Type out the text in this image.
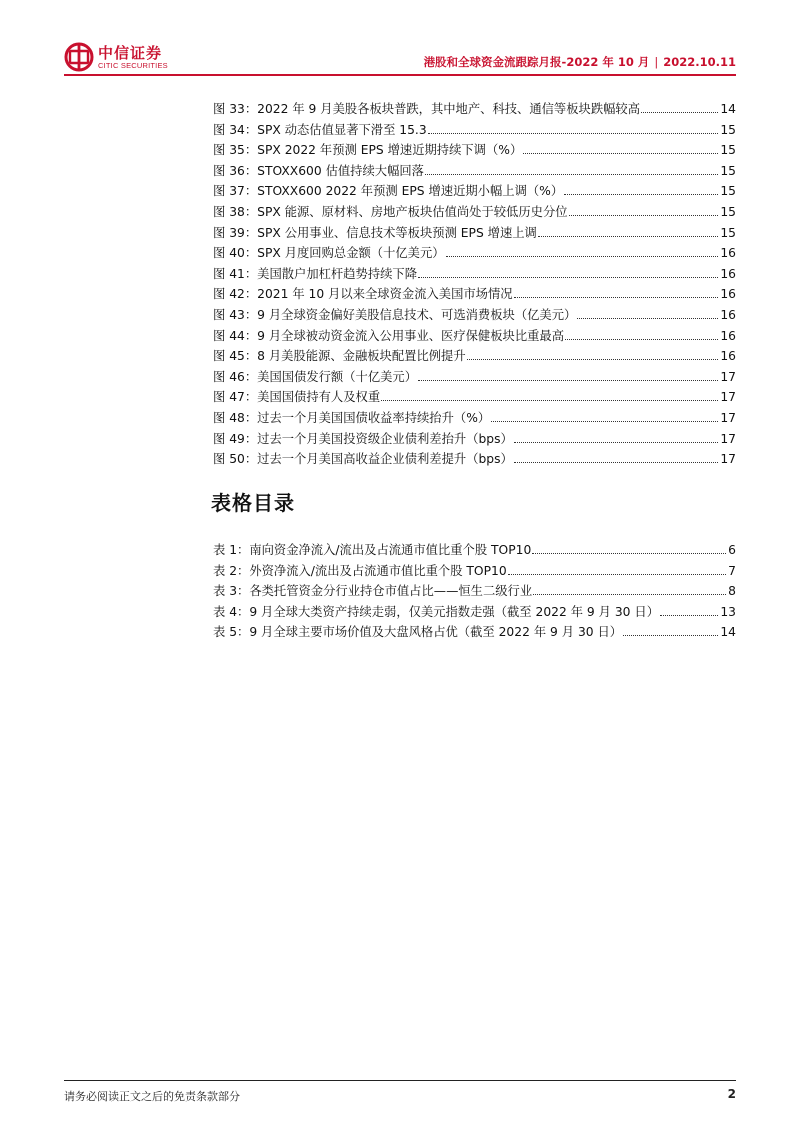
中信证券
CITIC SECURITIES	港股和全球资金流跟踪月报-2022 年 10 月 | 2022.10.11
图 33：2022 年 9 月美股各板块普跌，其中地产、科技、通信等板块跌幅较高	14
图 34：SPX 动态估值显著下滑至 15.3	15
图 35：SPX 2022 年预测 EPS 增速近期持续下调（%）	15
图 36：STOXX600 估值持续大幅回落	15
图 37：STOXX600 2022 年预测 EPS 增速近期小幅上调（%）	15
图 38：SPX 能源、原材料、房地产板块估值尚处于较低历史分位	15
图 39：SPX 公用事业、信息技术等板块预测 EPS 增速上调	15
图 40：SPX 月度回购总金额（十亿美元）	16
图 41：美国散户加杠杆趋势持续下降	16
图 42：2021 年 10 月以来全球资金流入美国市场情况	16
图 43：9 月全球资金偏好美股信息技术、可选消费板块（亿美元）	16
图 44：9 月全球被动资金流入公用事业、医疗保健板块比重最高	16
图 45：8 月美股能源、金融板块配置比例提升	16
图 46：美国国债发行额（十亿美元）	17
图 47：美国国债持有人及权重	17
图 48：过去一个月美国国债收益率持续抬升（%）	17
图 49：过去一个月美国投资级企业债利差抬升（bps）	17
图 50：过去一个月美国高收益企业债利差提升（bps）	17
表格目录
表 1：南向资金净流入/流出及占流通市值比重个股 TOP10	6
表 2：外资净流入/流出及占流通市值比重个股 TOP10	7
表 3：各类托管资金分行业持仓市值占比——恒生二级行业	8
表 4：9 月全球大类资产持续走弱，仅美元指数走强（截至 2022 年 9 月 30 日）	13
表 5：9 月全球主要市场价值及大盘风格占优（截至 2022 年 9 月 30 日）	14
请务必阅读正文之后的免责条款部分	2
